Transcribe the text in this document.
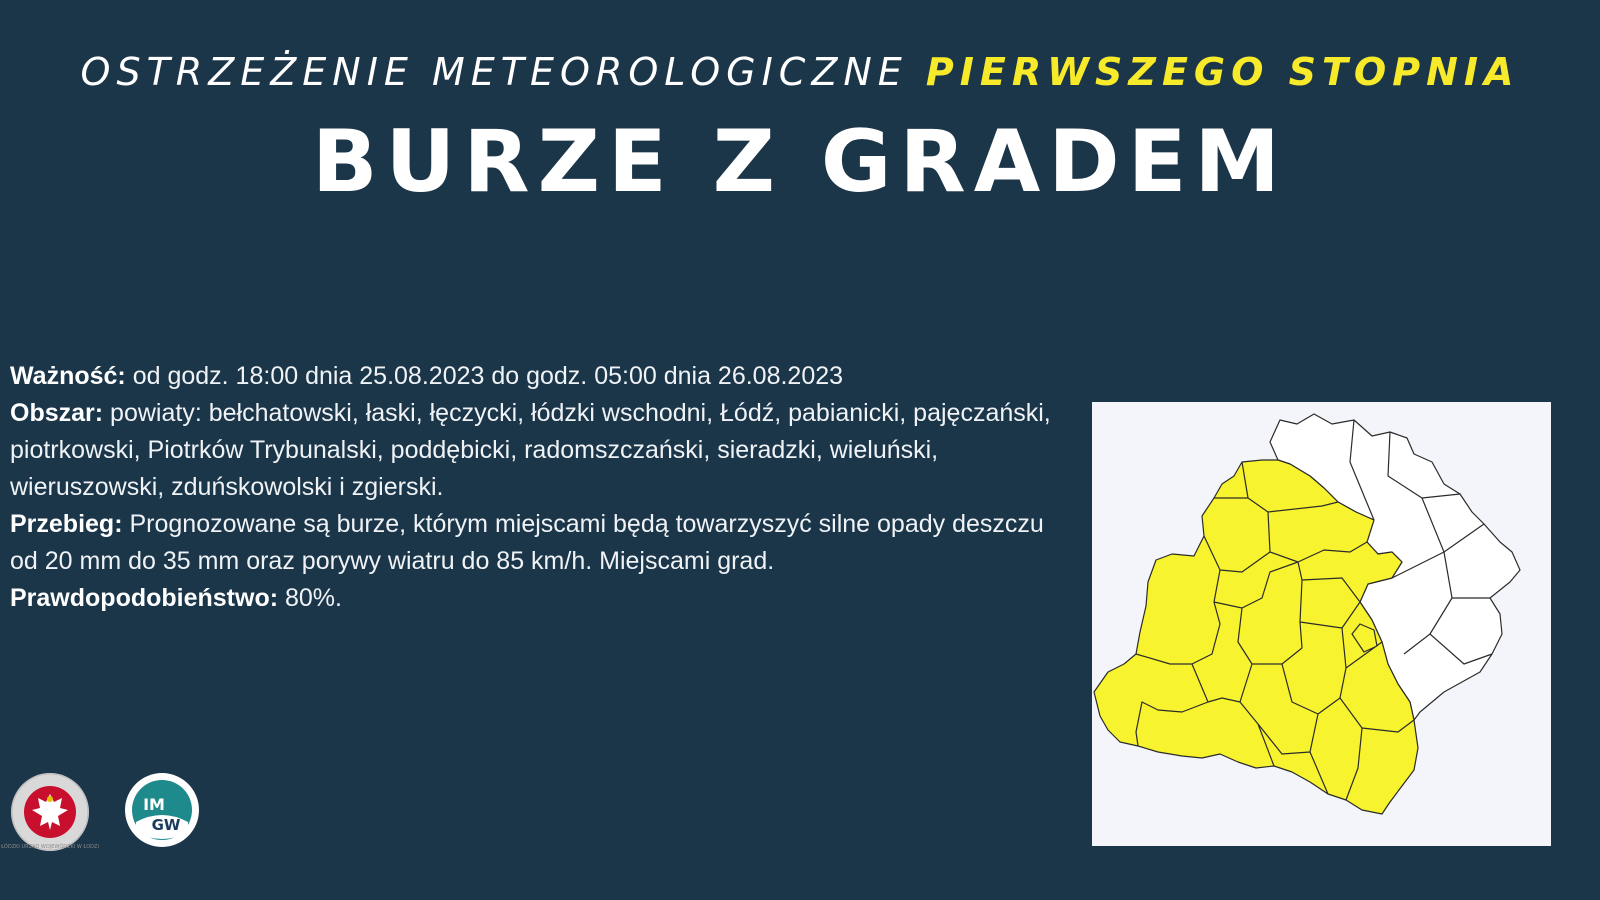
OSTRZEŻENIE METEOROLOGICZNE PIERWSZEGO STOPNIA
BURZE Z GRADEM

Ważność: od godz. 18:00 dnia 25.08.2023 do godz. 05:00 dnia 26.08.2023

Obszar: powiaty: bełchatowski, łaski, łęczycki, łódzki wschodni, Łódź, pabianicki, pajęczański, piotrkowski, Piotrków Trybunalski, poddębicki, radomszczański, sieradzki, wieluński, wieruszowski, zduńskowolski i zgierski.

Przebieg: Prognozowane są burze, którym miejscami będą towarzyszyć silne opady deszczu od 20 mm do 35 mm oraz porywy wiatru do 85 km/h. Miejscami grad.

Prawdopodobieństwo: 80%.

ŁÓDZKI URZĄD WOJEWÓDZKI W ŁODZI
IM
GW
